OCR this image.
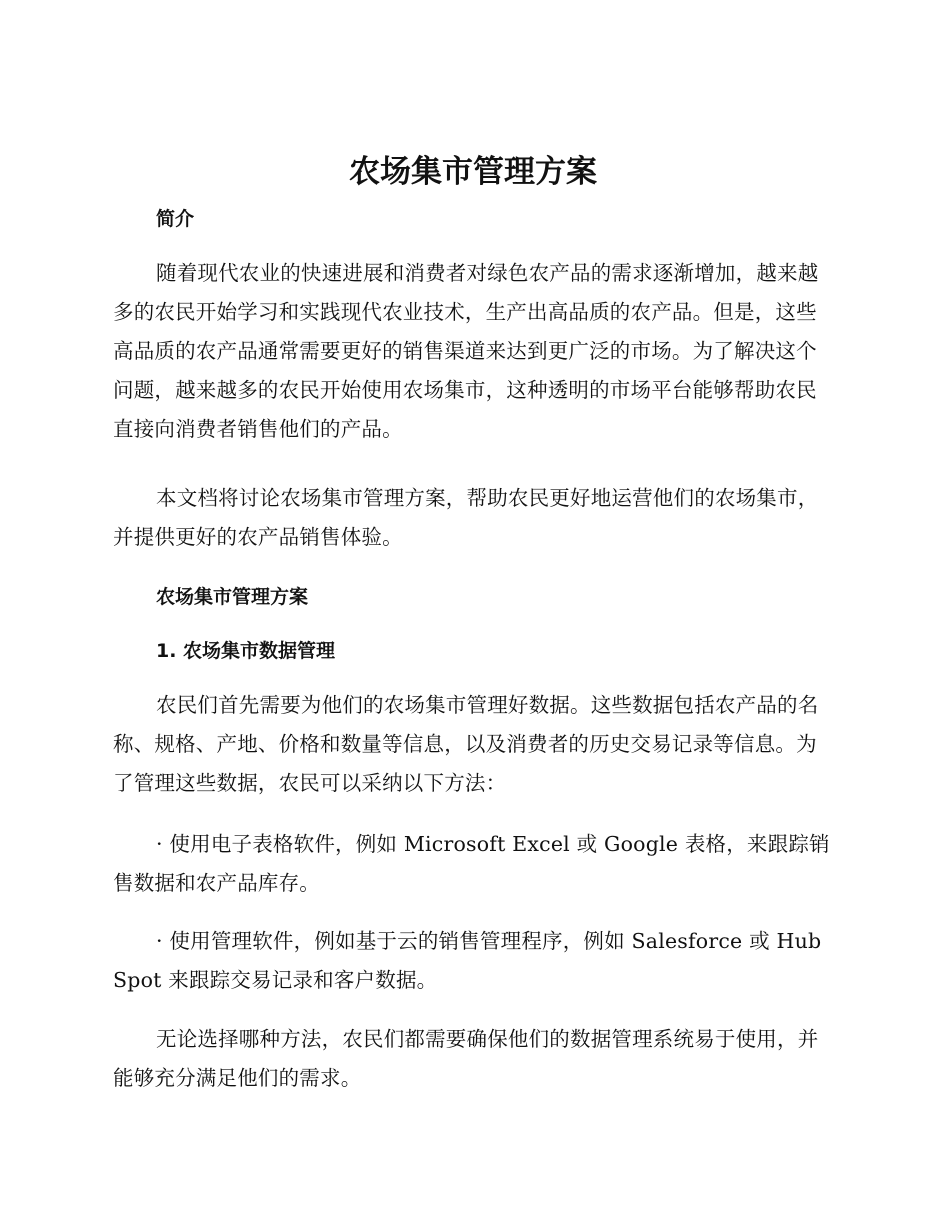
农场集市管理方案
简介

随着现代农业的快速进展和消费者对绿色农产品的需求逐渐增加，越来越多的农民开始学习和实践现代农业技术，生产出高品质的农产品。但是，这些高品质的农产品通常需要更好的销售渠道来达到更广泛的市场。为了解决这个问题，越来越多的农民开始使用农场集市，这种透明的市场平台能够帮助农民直接向消费者销售他们的产品。

本文档将讨论农场集市管理方案，帮助农民更好地运营他们的农场集市，并提供更好的农产品销售体验。

农场集市管理方案
1. 农场集市数据管理

农民们首先需要为他们的农场集市管理好数据。这些数据包括农产品的名称、规格、产地、价格和数量等信息，以及消费者的历史交易记录等信息。为了管理这些数据，农民可以采纳以下方法：

· 使用电子表格软件，例如 Microsoft Excel 或 Google 表格，来跟踪销售数据和农产品库存。

· 使用管理软件，例如基于云的销售管理程序，例如 Salesforce 或 HubSpot 来跟踪交易记录和客户数据。

无论选择哪种方法，农民们都需要确保他们的数据管理系统易于使用，并能够充分满足他们的需求。
